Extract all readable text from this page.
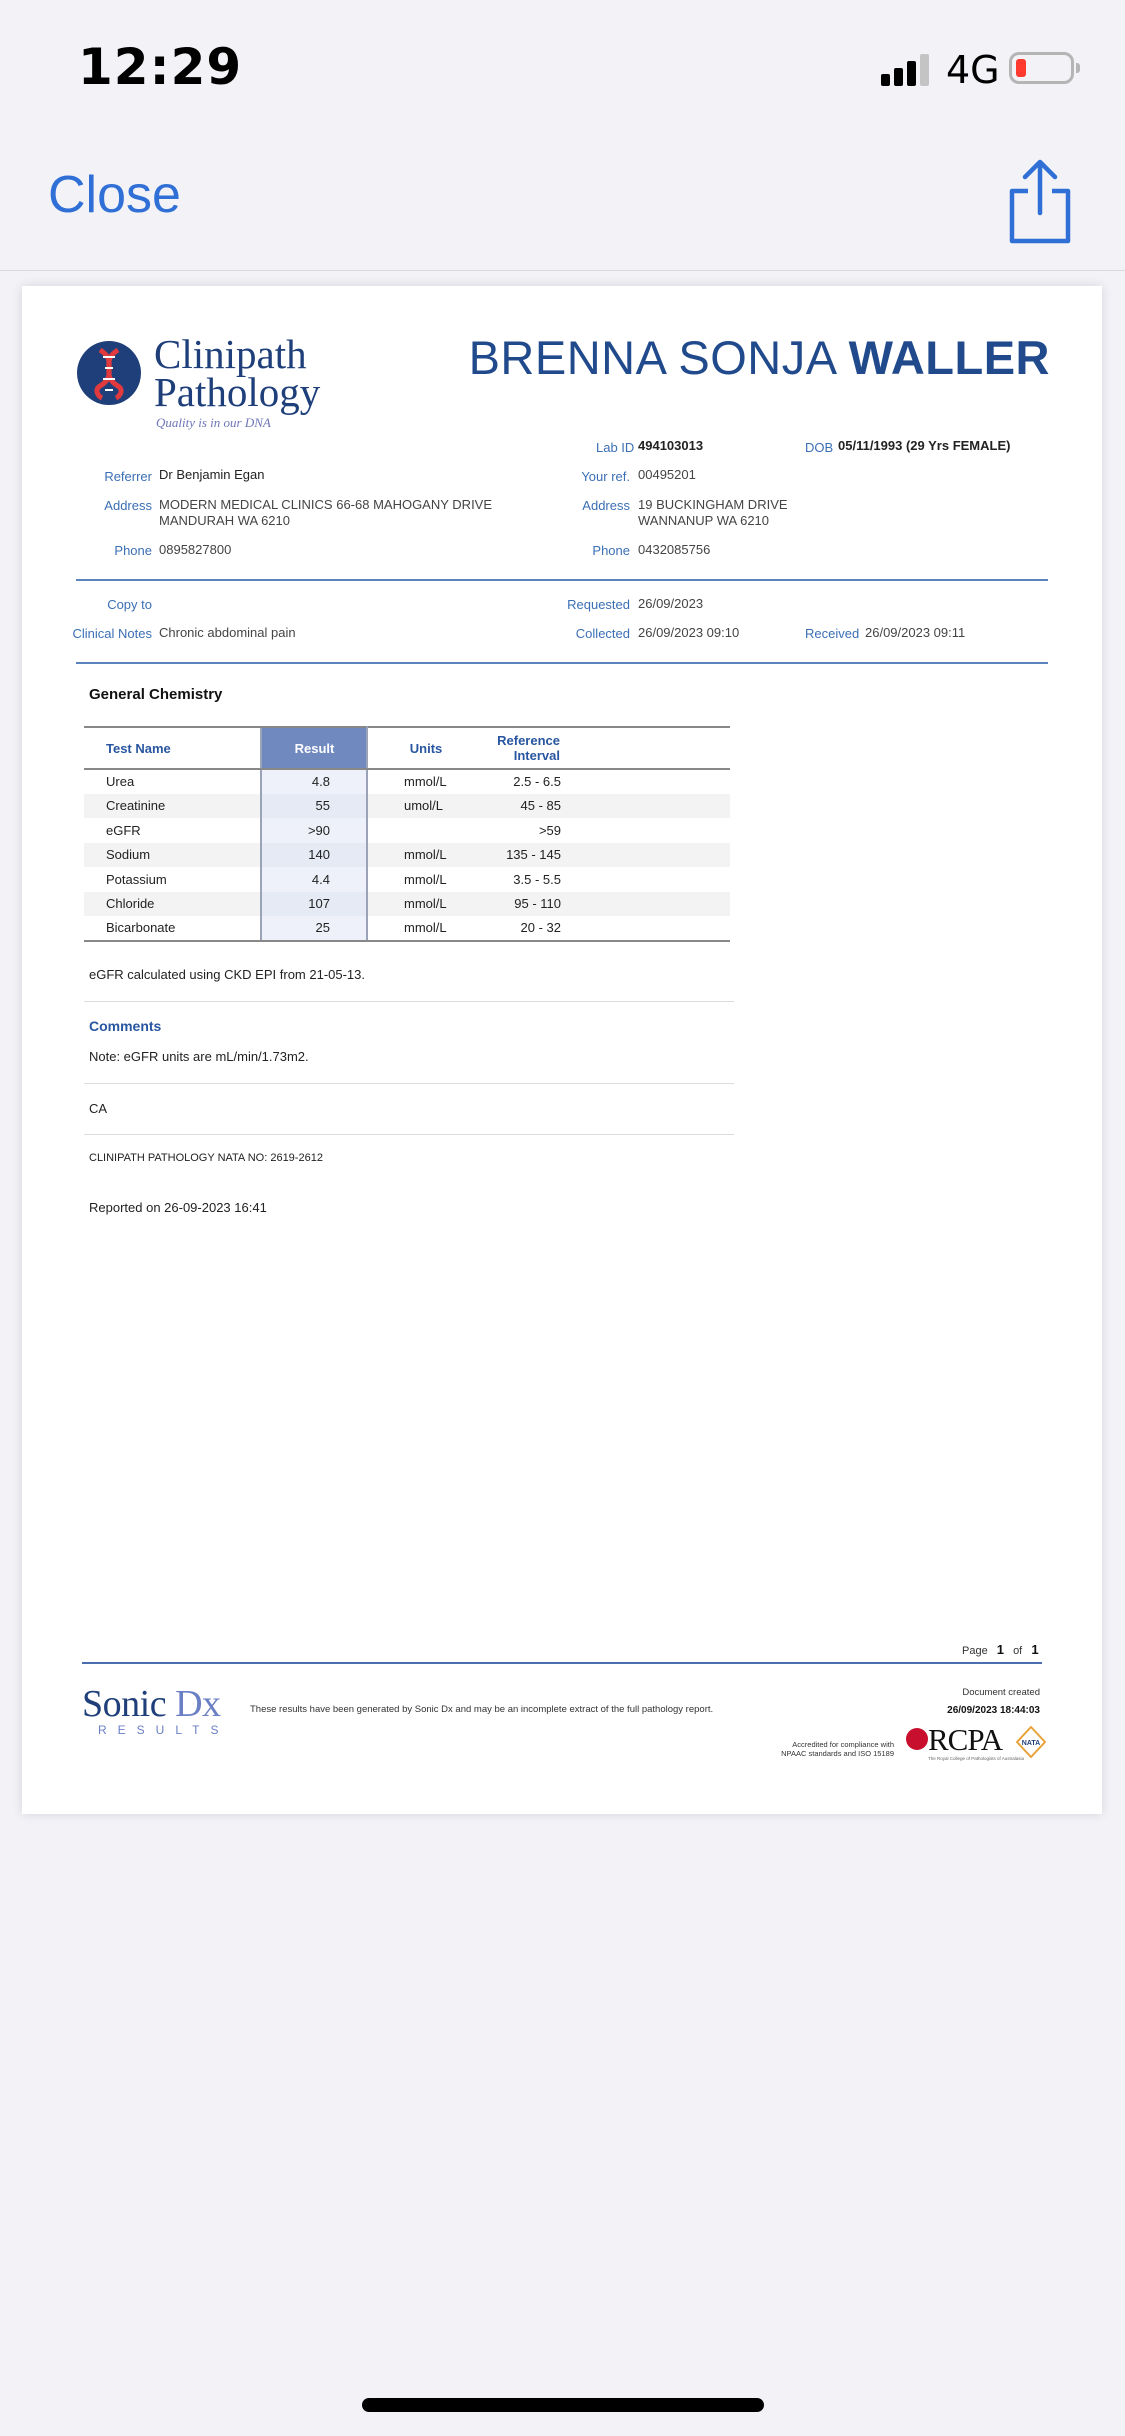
12:29	4G
Close
Clinipath
Pathology
Quality is in our DNA
BRENNA SONJA WALLER
Lab ID 494103013	DOB 05/11/1993 (29 Yrs FEMALE)
Referrer Dr Benjamin Egan	Your ref. 00495201
Address MODERN MEDICAL CLINICS 66-68 MAHOGANY DRIVE
MANDURAH WA 6210
Address 19 BUCKINGHAM DRIVE
WANNANUP WA 6210
Phone 0895827800	Phone 0432085756
Copy to	Requested 26/09/2023
Clinical Notes Chronic abdominal pain	Collected 26/09/2023 09:10	Received 26/09/2023 09:11
General Chemistry
Test Name	Result	Units	Reference
Interval	
Urea	4.8	mmol/L	2.5 - 6.5	
Creatinine	55	umol/L	45 - 85	
eGFR	>90		>59	
Sodium	140	mmol/L	135 - 145	
Potassium	4.4	mmol/L	3.5 - 5.5	
Chloride	107	mmol/L	95 - 110	
Bicarbonate	25	mmol/L	20 - 32	
eGFR calculated using CKD EPI from 21-05-13.
Comments
Note: eGFR units are mL/min/1.73m2.
CA
CLINIPATH PATHOLOGY NATA NO: 2619-2612
Reported on 26-09-2023 16:41
Page 1 of 1
Sonic Dx
RESULTS
These results have been generated by Sonic Dx and may be an incomplete extract of the full pathology report.
Document created
26/09/2023 18:44:03
Accredited for compliance with
NPAAC standards and ISO 15189 RCPA
The Royal College of Pathologists of Australasia
NATA
